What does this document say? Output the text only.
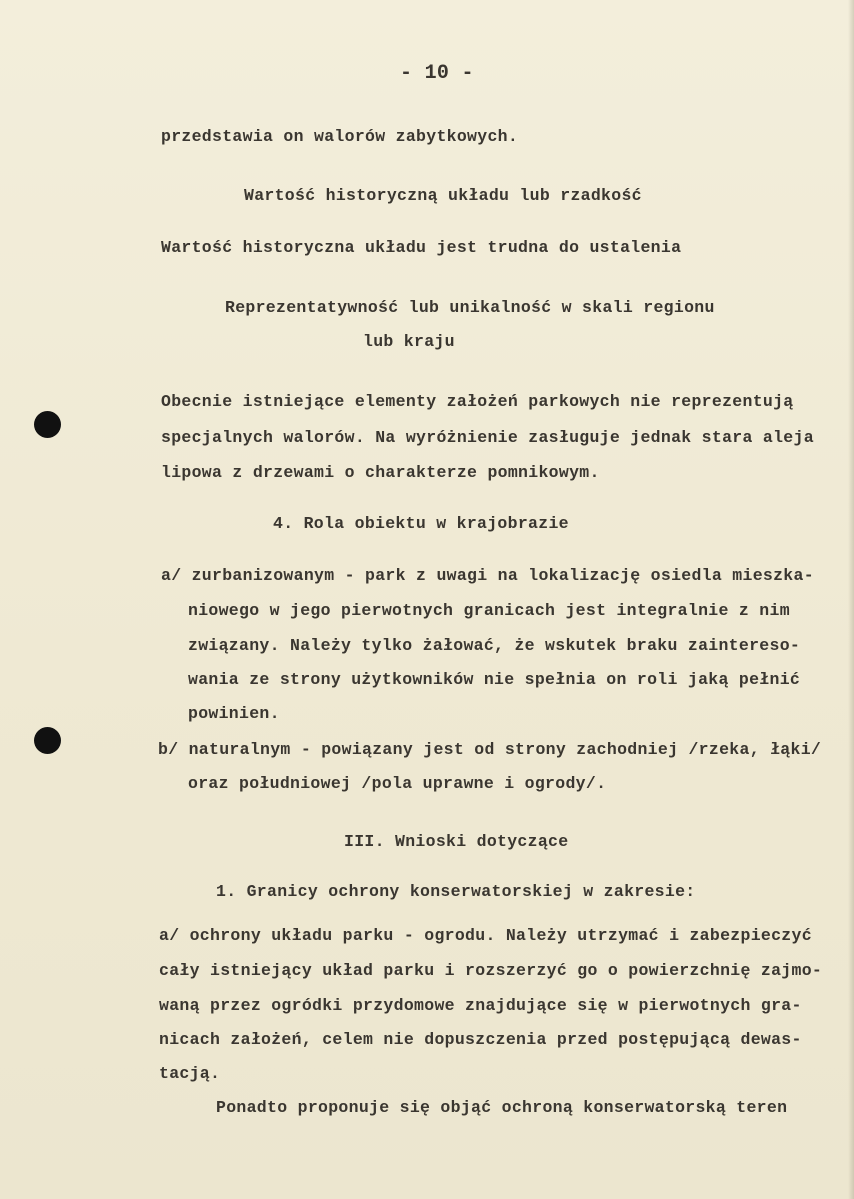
- 10 -
przedstawia on walorów zabytkowych.
Wartość historyczną układu lub rzadkość
Wartość historyczna układu jest trudna do ustalenia
Reprezentatywność lub unikalność w skali regionu
lub kraju
Obecnie istniejące elementy założeń parkowych nie reprezentują
specjalnych walorów. Na wyróżnienie zasługuje jednak stara aleja
lipowa z drzewami o charakterze pomnikowym.
4. Rola obiektu w krajobrazie
a/ zurbanizowanym - park z uwagi na lokalizację osiedla mieszka-
niowego w jego pierwotnych granicach jest integralnie z nim
związany. Należy tylko żałować, że wskutek braku zaintereso-
wania ze strony użytkowników nie spełnia on roli jaką pełnić
powinien.
b/ naturalnym - powiązany jest od strony zachodniej /rzeka, łąki/
oraz południowej /pola uprawne i ogrody/.
III. Wnioski dotyczące
1. Granicy ochrony konserwatorskiej w zakresie:
a/ ochrony układu parku - ogrodu. Należy utrzymać i zabezpieczyć
cały istniejący układ parku i rozszerzyć go o powierzchnię zajmo-
waną przez ogródki przydomowe znajdujące się w pierwotnych gra-
nicach założeń, celem nie dopuszczenia przed postępującą dewas-
tacją.
Ponadto proponuje się objąć ochroną konserwatorską teren
